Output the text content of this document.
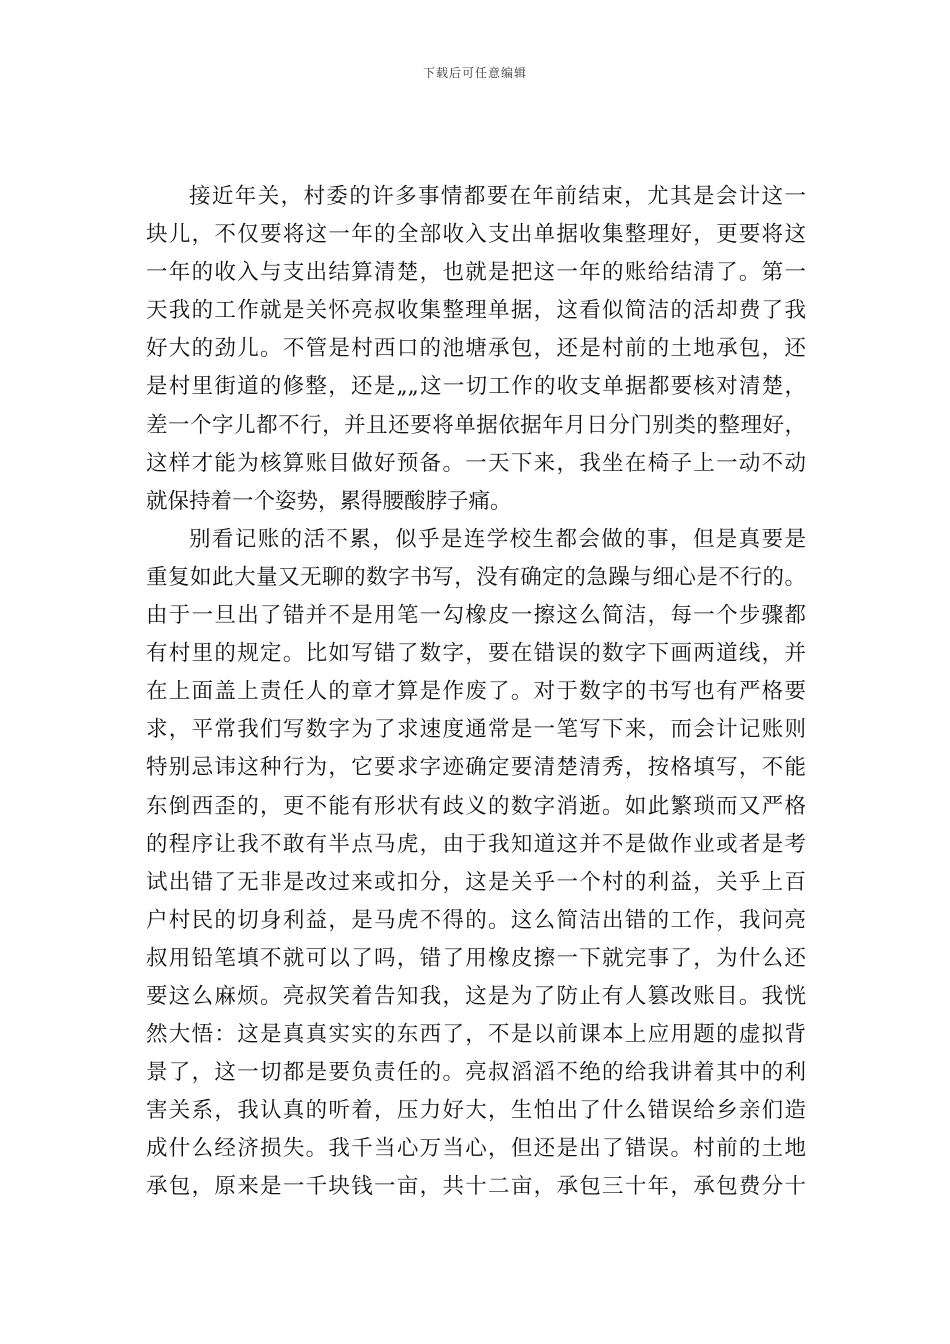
下载后可任意编辑
接近年关，村委的许多事情都要在年前结束，尤其是会计这一
块儿，不仅要将这一年的全部收入支出单据收集整理好，更要将这
一年的收入与支出结算清楚，也就是把这一年的账给结清了。第一
天我的工作就是关怀亮叔收集整理单据，这看似简洁的活却费了我
好大的劲儿。不管是村西口的池塘承包，还是村前的土地承包，还
是村里街道的修整，还是„„这一切工作的收支单据都要核对清楚，
差一个字儿都不行，并且还要将单据依据年月日分门别类的整理好，
这样才能为核算账目做好预备。一天下来，我坐在椅子上一动不动
就保持着一个姿势，累得腰酸脖子痛。
别看记账的活不累，似乎是连学校生都会做的事，但是真要是
重复如此大量又无聊的数字书写，没有确定的急躁与细心是不行的。
由于一旦出了错并不是用笔一勾橡皮一擦这么简洁，每一个步骤都
有村里的规定。比如写错了数字，要在错误的数字下画两道线，并
在上面盖上责任人的章才算是作废了。对于数字的书写也有严格要
求，平常我们写数字为了求速度通常是一笔写下来，而会计记账则
特别忌讳这种行为，它要求字迹确定要清楚清秀，按格填写，不能
东倒西歪的，更不能有形状有歧义的数字消逝。如此繁琐而又严格
的程序让我不敢有半点马虎，由于我知道这并不是做作业或者是考
试出错了无非是改过来或扣分，这是关乎一个村的利益，关乎上百
户村民的切身利益，是马虎不得的。这么简洁出错的工作，我问亮
叔用铅笔填不就可以了吗，错了用橡皮擦一下就完事了，为什么还
要这么麻烦。亮叔笑着告知我，这是为了防止有人篡改账目。我恍
然大悟：这是真真实实的东西了，不是以前课本上应用题的虚拟背
景了，这一切都是要负责任的。亮叔滔滔不绝的给我讲着其中的利
害关系，我认真的听着，压力好大，生怕出了什么错误给乡亲们造
成什么经济损失。我千当心万当心，但还是出了错误。村前的土地
承包，原来是一千块钱一亩，共十二亩，承包三十年，承包费分十
